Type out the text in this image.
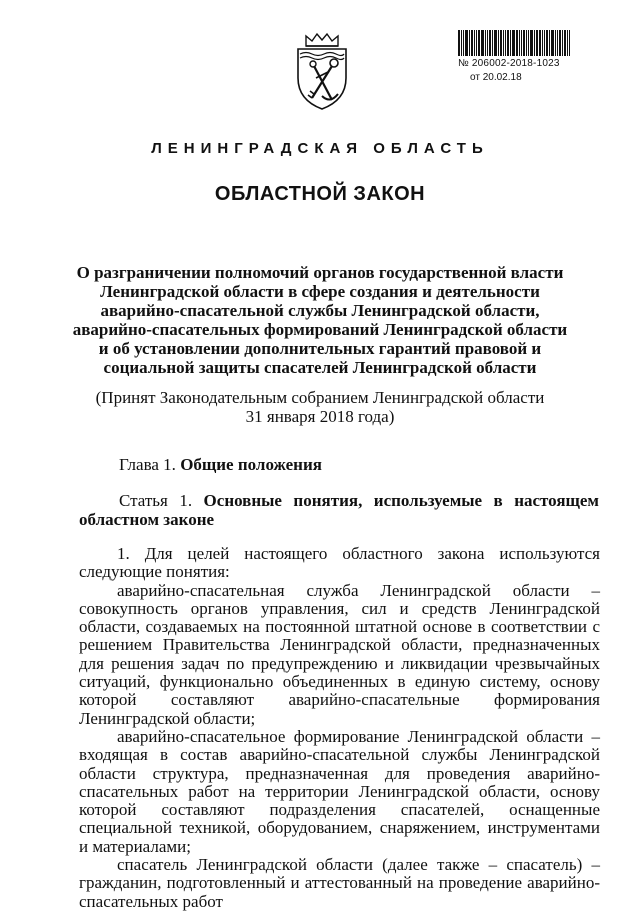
№ 206002-2018-1023
от 20.02.18
ЛЕНИНГРАДСКАЯ ОБЛАСТЬ
ОБЛАСТНОЙ ЗАКОН
О разграничении полномочий органов государственной власти Ленинградской области в сфере создания и деятельности аварийно-спасательной службы Ленинградской области, аварийно-спасательных формирований Ленинградской области и об установлении дополнительных гарантий правовой и социальной защиты спасателей Ленинградской области
(Принят Законодательным собранием Ленинградской области 31 января 2018 года)
Глава 1. Общие положения
Статья 1. Основные понятия, используемые в настоящем областном законе

1. Для целей настоящего областного закона используются следующие понятия:

аварийно-спасательная служба Ленинградской области – совокупность органов управления, сил и средств Ленинградской области, создаваемых на постоянной штатной основе в соответствии с решением Правительства Ленинградской области, предназначенных для решения задач по предупреждению и ликвидации чрезвычайных ситуаций, функционально объединенных в единую систему, основу которой составляют аварийно-спасательные формирования Ленинградской области;

аварийно-спасательное формирование Ленинградской области – входящая в состав аварийно-спасательной службы Ленинградской области структура, предназначенная для проведения аварийно-спасательных работ на территории Ленинградской области, основу которой составляют подразделения спасателей, оснащенные специальной техникой, оборудованием, снаряжением, инструментами и материалами;

спасатель Ленинградской области (далее также – спасатель) – гражданин, подготовленный и аттестованный на проведение аварийно-спасательных работ
